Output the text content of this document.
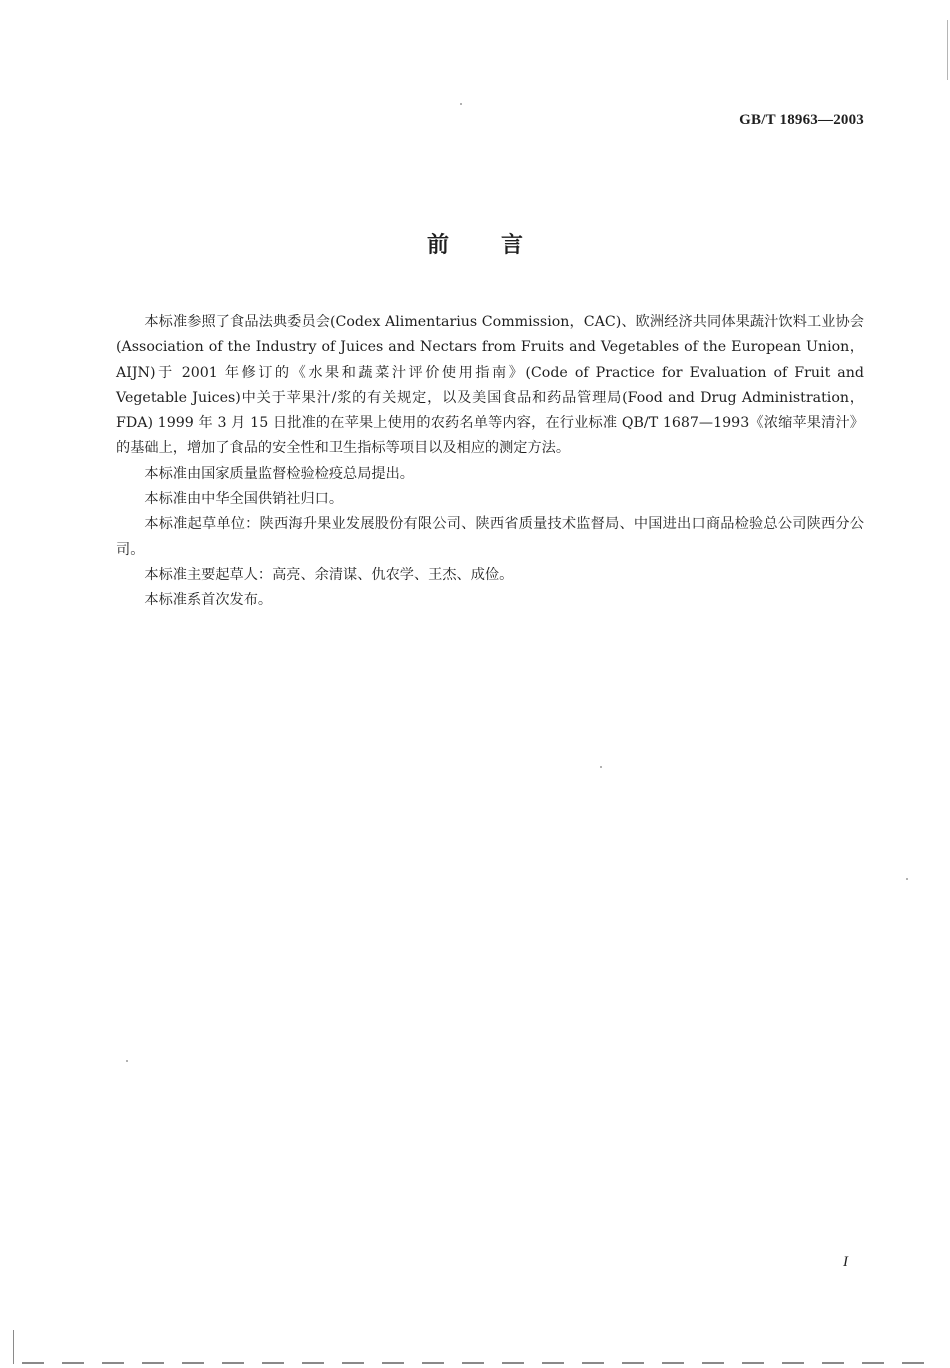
GB/T 18963—2003
前言

本标准参照了食品法典委员会(Codex Alimentarius Commission，CAC)、欧洲经济共同体果蔬汁饮料工业协会(Association of the Industry of Juices and Nectars from Fruits and Vegetables of the European Union，AIJN)于 2001 年修订的《水果和蔬菜汁评价使用指南》(Code of Practice for Evaluation of Fruit and Vegetable Juices)中关于苹果汁/浆的有关规定，以及美国食品和药品管理局(Food and Drug Administration，FDA) 1999 年 3 月 15 日批准的在苹果上使用的农药名单等内容，在行业标准 QB/T 1687—1993《浓缩苹果清汁》的基础上，增加了食品的安全性和卫生指标等项目以及相应的测定方法。

本标准由国家质量监督检验检疫总局提出。

本标准由中华全国供销社归口。

本标准起草单位：陕西海升果业发展股份有限公司、陕西省质量技术监督局、中国进出口商品检验总公司陕西分公司。

本标准主要起草人：高亮、余清谋、仇农学、王杰、成俭。

本标准系首次发布。

I
